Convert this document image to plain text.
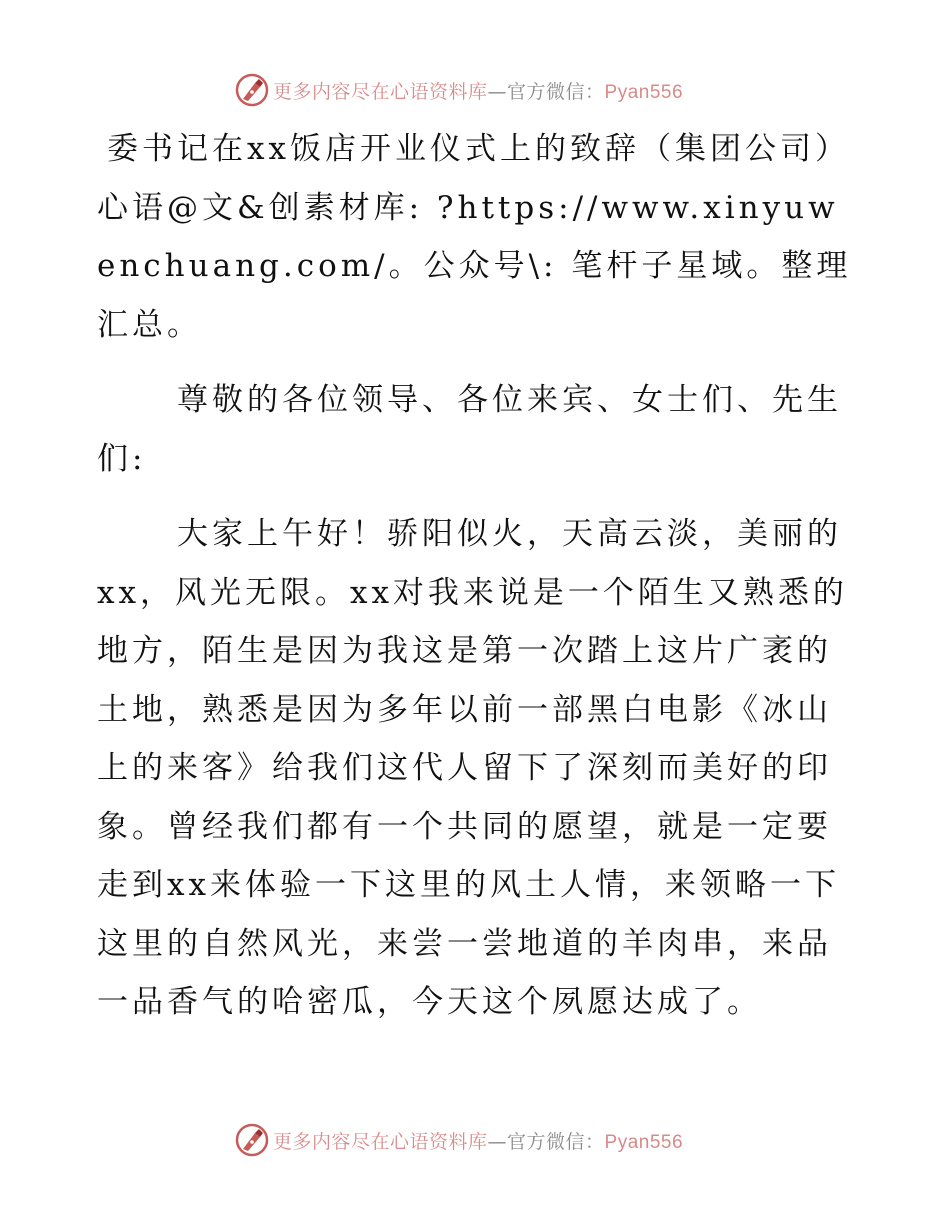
更多内容尽在心语资料库—官方微信：Pyan556

委书记在xx饭店开业仪式上的致辞（集团公司）心语@文&创素材库: ?https://www.xinyuwenchuang.com/。公众号\: 笔杆子星域。整理汇总。

尊敬的各位领导、各位来宾、女士们、先生们:

大家上午好！骄阳似火，天高云淡，美丽的xx，风光无限。xx对我来说是一个陌生又熟悉的地方，陌生是因为我这是第一次踏上这片广袤的土地，熟悉是因为多年以前一部黑白电影《冰山上的来客》给我们这代人留下了深刻而美好的印象。曾经我们都有一个共同的愿望，就是一定要走到xx来体验一下这里的风土人情，来领略一下这里的自然风光，来尝一尝地道的羊肉串，来品一品香气的哈密瓜，今天这个夙愿达成了。

更多内容尽在心语资料库—官方微信：Pyan556
